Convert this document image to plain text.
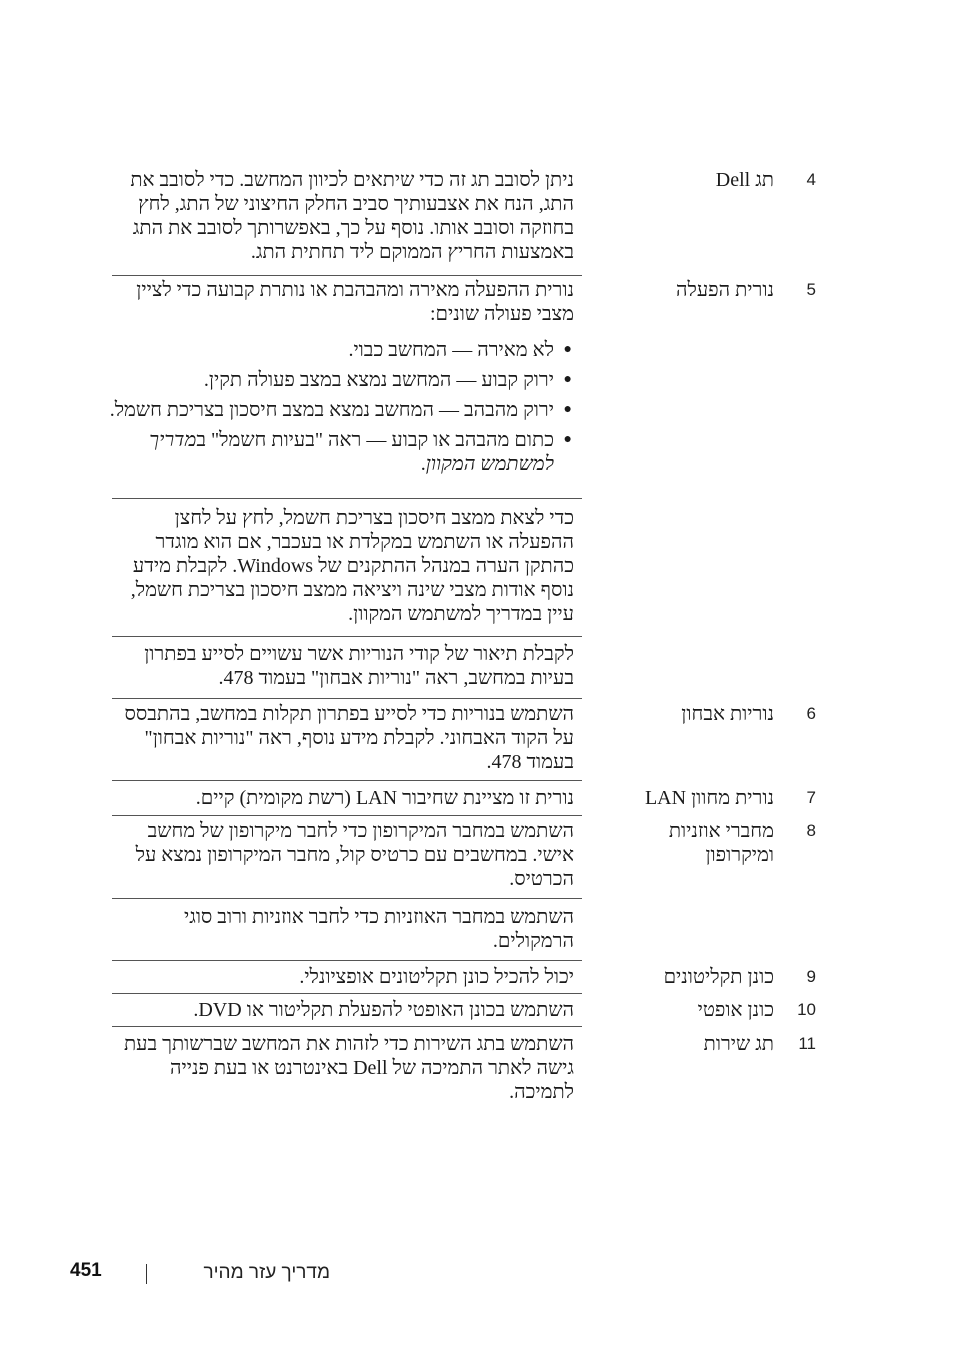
4
תג Dell

ניתן לסובב תג זה כדי שיתאים לכיוון המחשב. כדי לסובב את התג, הנח את אצבעותיך סביב החלק החיצוני של התג, לחץ בחוזקה וסובב אותו. נוסף על כך, באפשרותך לסובב את התג באמצעות החריץ הממוקם ליד תחתית התג.

5
נורית הפעלה

נורית ההפעלה מאירה ומהבהבת או נותרת קבועה כדי לציין מצבי פעולה שונים:

●
לא מאירה — המחשב כבוי.
●
ירוק קבוע — המחשב נמצא במצב פעולה תקין.
●
ירוק מהבהב — המחשב נמצא במצב חיסכון בצריכת חשמל.
●
כתום מהבהב או קבוע — ראה "בעיות חשמל" במדריך למשתמש המקוון.

כדי לצאת ממצב חיסכון בצריכת חשמל, לחץ על לחצן ההפעלה או השתמש במקלדת או בעכבר, אם הוא מוגדר כהתקן הערה במנהל ההתקנים של Windows. לקבלת מידע נוסף אודות מצבי שינה ויציאה ממצב חיסכון בצריכת חשמל, עיין במדריך למשתמש המקוון.

לקבלת תיאור של קודי הנוריות אשר עשויים לסייע בפתרון בעיות במחשב, ראה "נוריות אבחון" בעמוד 478.

6
נוריות אבחון

השתמש בנוריות כדי לסייע בפתרון תקלות במחשב, בהתבסס על הקוד האבחוני. לקבלת מידע נוסף, ראה "נוריות אבחון" בעמוד 478.

7
נורית מחוון LAN

נורית זו מציינת שחיבור LAN (רשת מקומית) קיים.

8
מחברי אוזניות ומיקרופון

השתמש במחבר המיקרופון כדי לחבר מיקרופון של מחשב אישי. במחשבים עם כרטיס קול, מחבר המיקרופון נמצא על הכרטיס.

השתמש במחבר האוזניות כדי לחבר אוזניות ורוב סוגי הרמקולים.

9
כונן תקליטונים

יכול להכיל כונן תקליטונים אופציונלי.

10
כונן אופטי

השתמש בכונן האופטי להפעלת תקליטור או DVD.

11
תג שירות

השתמש בתג השירות כדי לזהות את המחשב שברשותך בעת גישה לאתר התמיכה של Dell באינטרנט או בעת פנייה לתמיכה.

מדריך עזר מהיר
451
